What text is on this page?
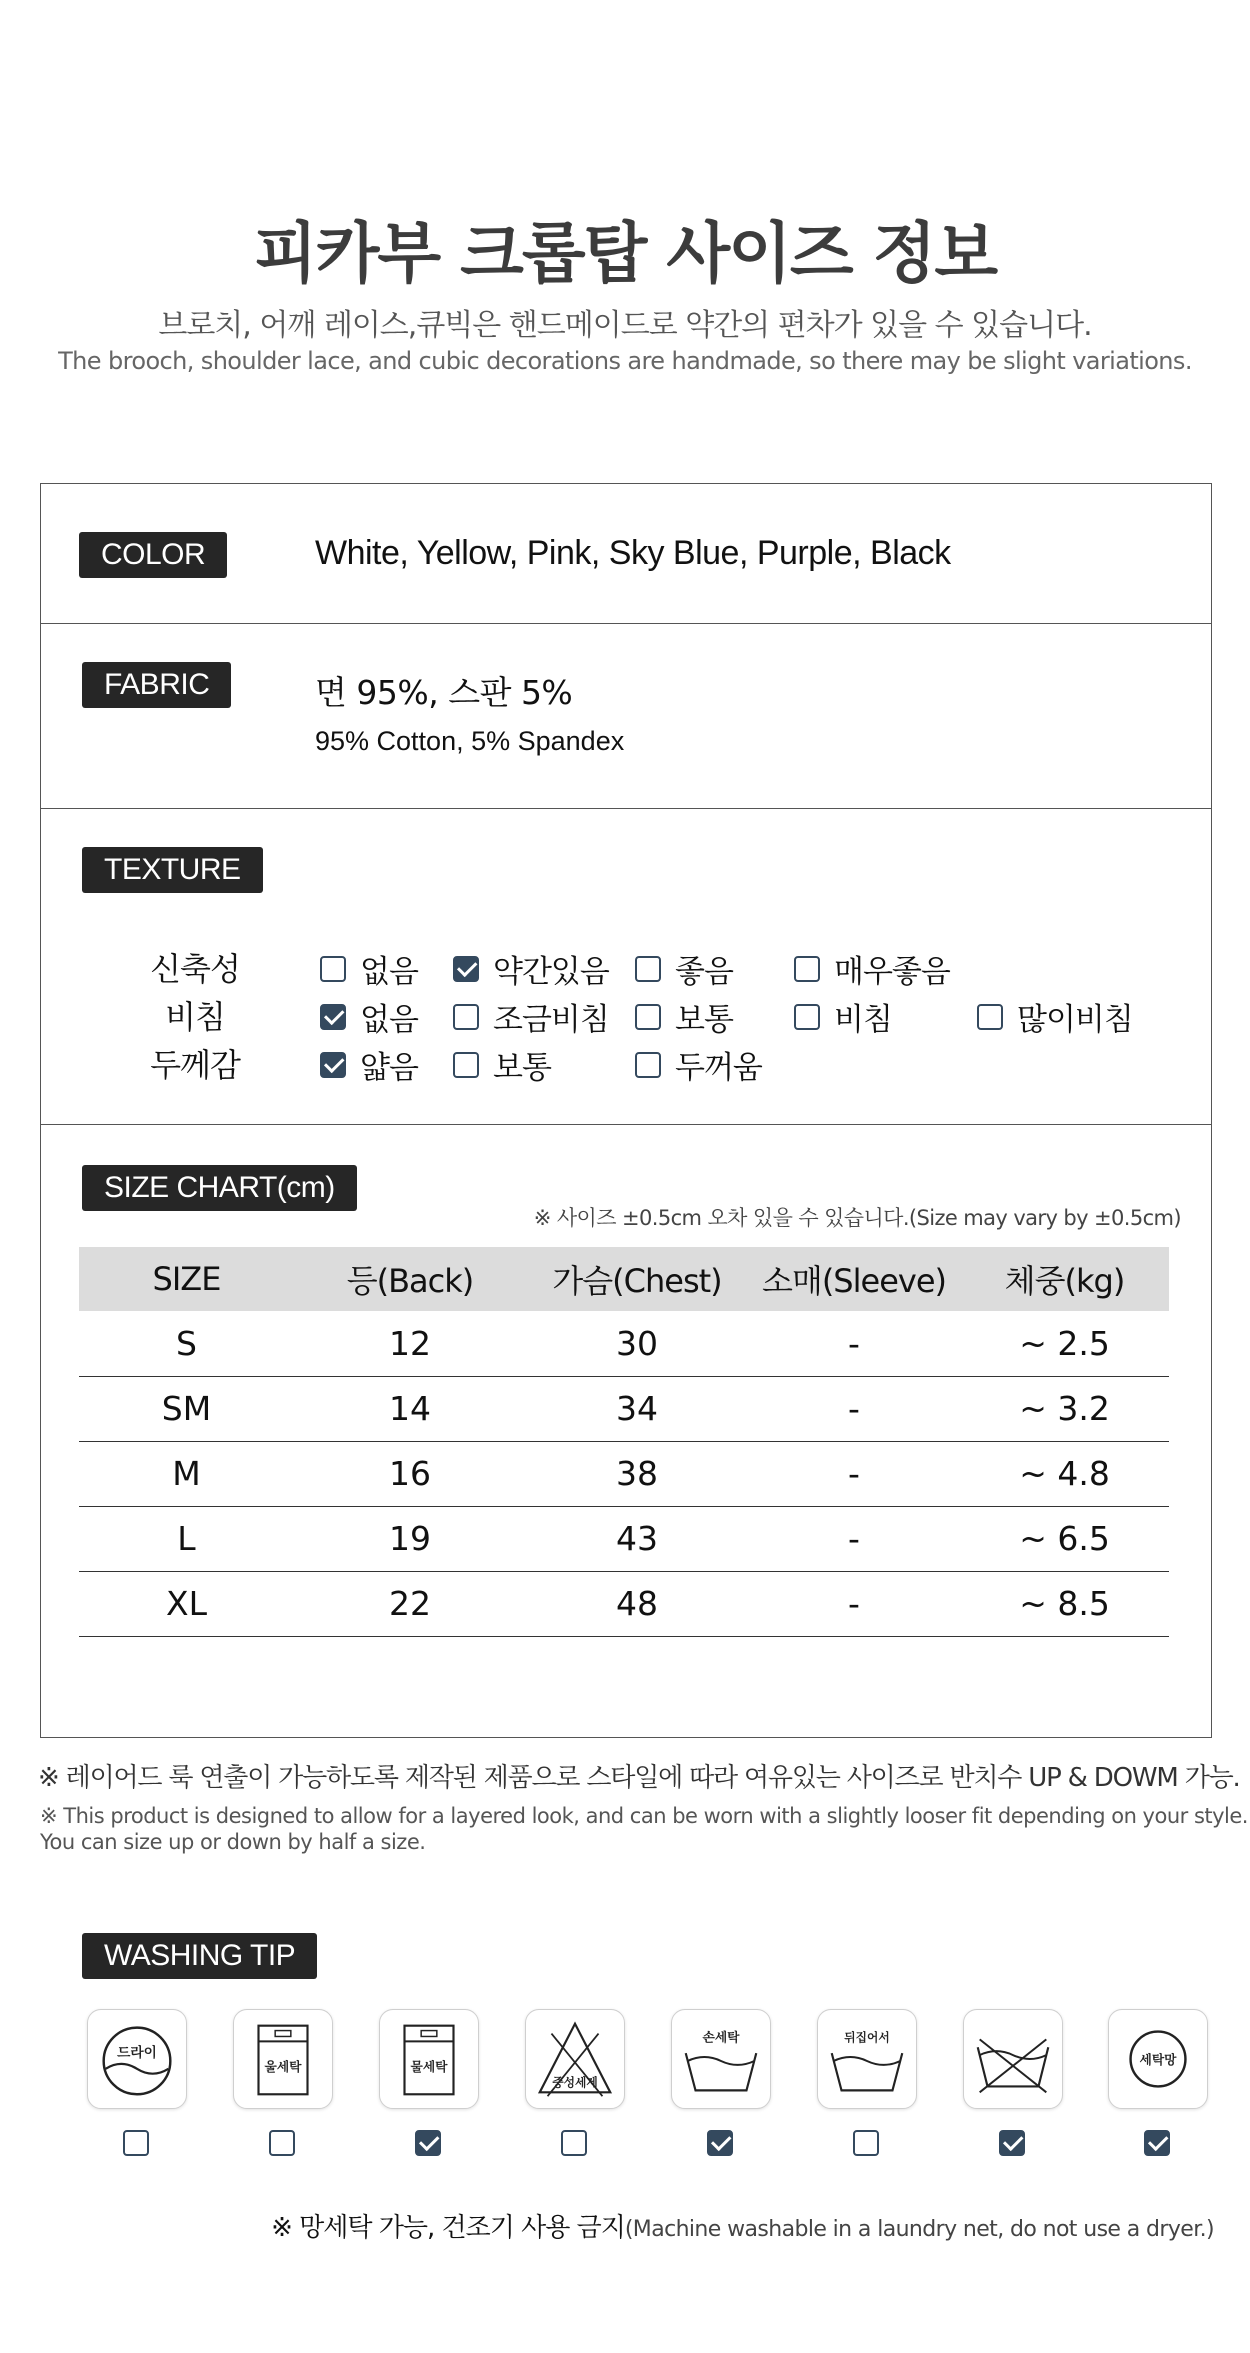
피카부 크롭탑 사이즈 정보
브로치, 어깨 레이스,큐빅은 핸드메이드로 약간의 편차가 있을 수 있습니다.
The brooch, shoulder lace, and cubic decorations are handmade, so there may be slight variations.
COLOR	White, Yellow, Pink, Sky Blue, Purple, Black
FABRIC	면 95%, 스판 5%
95% Cotton, 5% Spandex
TEXTURE
신축성	없음 약간있음 좋음	매우좋음
비침	없음 조금비침 보통	비침	많이비침
두께감	얇음 보통	두꺼움
SIZE CHART(cm)
※ 사이즈 ±0.5cm 오차 있을 수 있습니다.(Size may vary by ±0.5cm)
SIZE	등(Back)	가슴(Chest)	소매(Sleeve)	체중(kg)
S	12	30	-	~ 2.5
SM	14	34	-	~ 3.2
M	16	38	-	~ 4.8
L	19	43	-	~ 6.5
XL	22	48	-	~ 8.5
※ 레이어드 룩 연출이 가능하도록 제작된 제품으로 스타일에 따라 여유있는 사이즈로 반치수 UP & DOWM 가능.
※ This product is designed to allow for a layered look, and can be worn with a slightly looser fit depending on your style.
You can size up or down by half a size.
WASHING TIP
드라이
울세탁	물세탁
중성세제
손세탁	뒤집어서
세탁망
※ 망세탁 가능, 건조기 사용 금지(Machine washable in a laundry net, do not use a dryer.)
